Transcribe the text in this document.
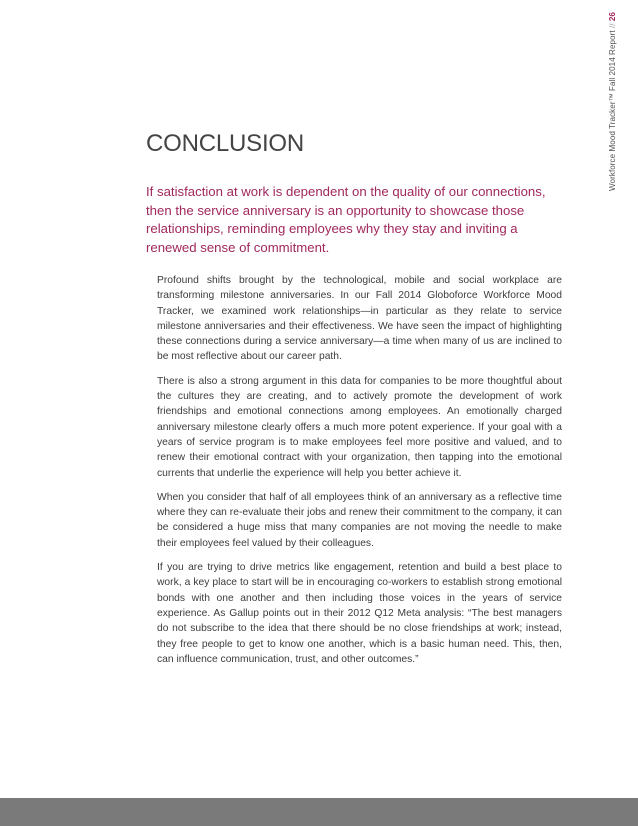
Workforce Mood Tracker™ Fall 2014 Report // 26
CONCLUSION

If satisfaction at work is dependent on the quality of our connections, then the service anniversary is an opportunity to showcase those relationships, reminding employees why they stay and inviting a renewed sense of commitment.

Profound shifts brought by the technological, mobile and social workplace are transforming milestone anniversaries. In our Fall 2014 Globoforce Workforce Mood Tracker, we examined work relationships—in particular as they relate to service milestone anniversaries and their effectiveness. We have seen the impact of highlighting these connections during a service anniversary—a time when many of us are inclined to be most reflective about our career path.

There is also a strong argument in this data for companies to be more thoughtful about the cultures they are creating, and to actively promote the development of work friendships and emotional connections among employees. An emotionally charged anniversary milestone clearly offers a much more potent experience. If your goal with a years of service program is to make employees feel more positive and valued, and to renew their emotional contract with your organization, then tapping into the emotional currents that underlie the experience will help you better achieve it.

When you consider that half of all employees think of an anniversary as a reflective time where they can re-evaluate their jobs and renew their commitment to the company, it can be considered a huge miss that many companies are not moving the needle to make their employees feel valued by their colleagues.

If you are trying to drive metrics like engagement, retention and build a best place to work, a key place to start will be in encouraging co-workers to establish strong emotional bonds with one another and then including those voices in the years of service experience. As Gallup points out in their 2012 Q12 Meta analysis: “The best managers do not subscribe to the idea that there should be no close friendships at work; instead, they free people to get to know one another, which is a basic human need. This, then, can influence communication, trust, and other outcomes.”
